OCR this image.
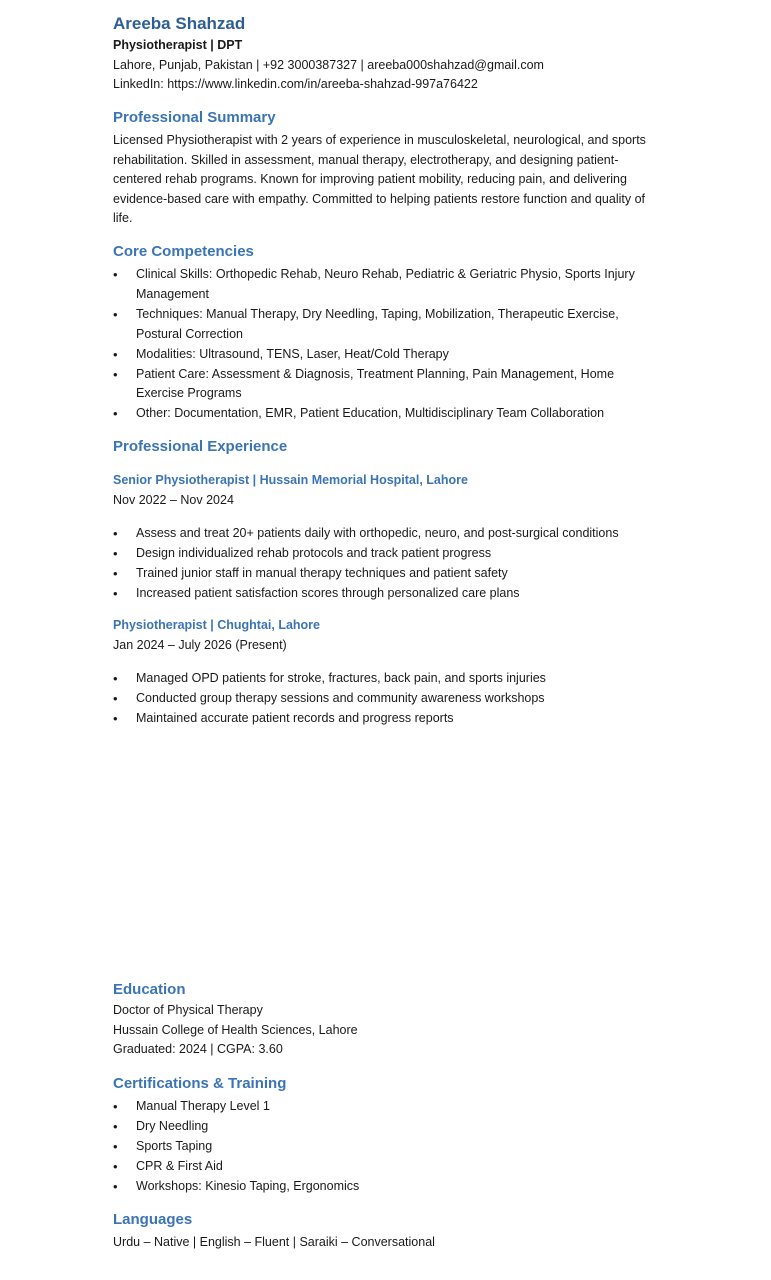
Areeba Shahzad

Physiotherapist | DPT

Lahore, Punjab, Pakistan | +92 3000387327 | areeba000shahzad@gmail.com

LinkedIn: https://www.linkedin.com/in/areeba-shahzad-997a76422

Professional Summary

Licensed Physiotherapist with 2 years of experience in musculoskeletal, neurological, and sports rehabilitation. Skilled in assessment, manual therapy, electrotherapy, and designing patient-centered rehab programs. Known for improving patient mobility, reducing pain, and delivering evidence-based care with empathy. Committed to helping patients restore function and quality of life.

Core Competencies

• Clinical Skills: Orthopedic Rehab, Neuro Rehab, Pediatric & Geriatric Physio, Sports Injury Management
• Techniques: Manual Therapy, Dry Needling, Taping, Mobilization, Therapeutic Exercise, Postural Correction
• Modalities: Ultrasound, TENS, Laser, Heat/Cold Therapy
• Patient Care: Assessment & Diagnosis, Treatment Planning, Pain Management, Home Exercise Programs
• Other: Documentation, EMR, Patient Education, Multidisciplinary Team Collaboration

Professional Experience

Senior Physiotherapist | Hussain Memorial Hospital, Lahore

Nov 2022 – Nov 2024

• Assess and treat 20+ patients daily with orthopedic, neuro, and post-surgical conditions
• Design individualized rehab protocols and track patient progress
• Trained junior staff in manual therapy techniques and patient safety
• Increased patient satisfaction scores through personalized care plans

Physiotherapist | Chughtai, Lahore

Jan 2024 – July 2026 (Present)

• Managed OPD patients for stroke, fractures, back pain, and sports injuries
• Conducted group therapy sessions and community awareness workshops
• Maintained accurate patient records and progress reports

Education

Doctor of Physical Therapy

Hussain College of Health Sciences, Lahore

Graduated: 2024 | CGPA: 3.60

Certifications & Training

• Manual Therapy Level 1
• Dry Needling
• Sports Taping
• CPR & First Aid
• Workshops: Kinesio Taping, Ergonomics

Languages

Urdu – Native | English – Fluent | Saraiki – Conversational
